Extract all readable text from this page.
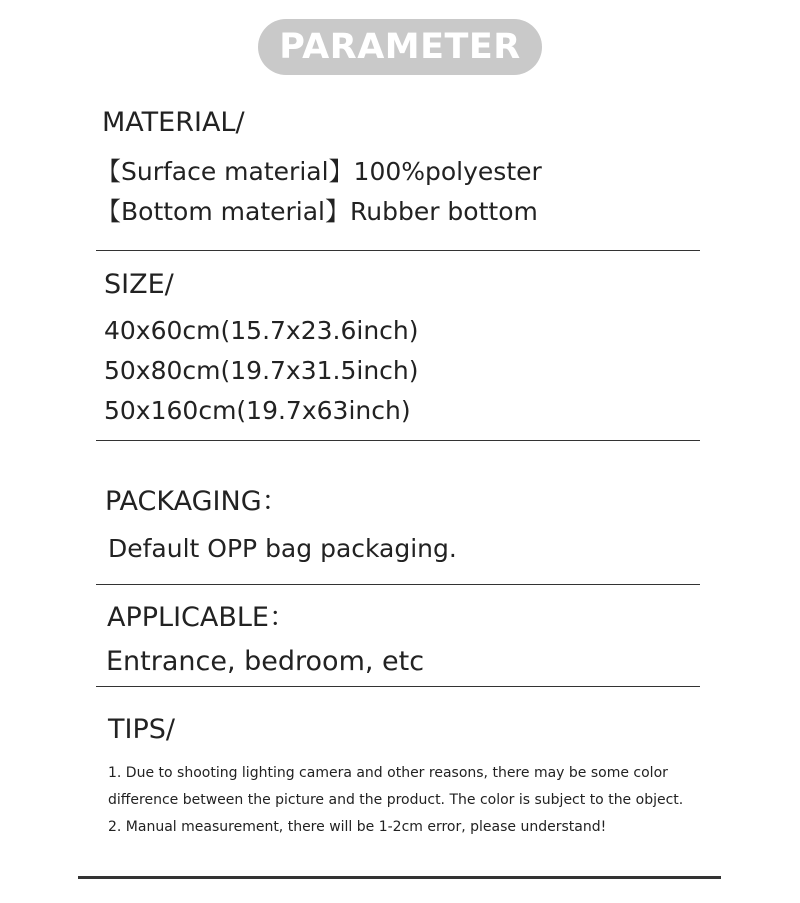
PARAMETER
MATERIAL/
【Surface material】100%polyester
【Bottom material】Rubber bottom
SIZE/
40x60cm(15.7x23.6inch)
50x80cm(19.7x31.5inch)
50x160cm(19.7x63inch)
PACKAGING：
Default OPP bag packaging.
APPLICABLE：
Entrance, bedroom, etc
TIPS/
1. Due to shooting lighting camera and other reasons, there may be some color
difference between the picture and the product. The color is subject to the object.
2. Manual measurement, there will be 1-2cm error, please understand!
